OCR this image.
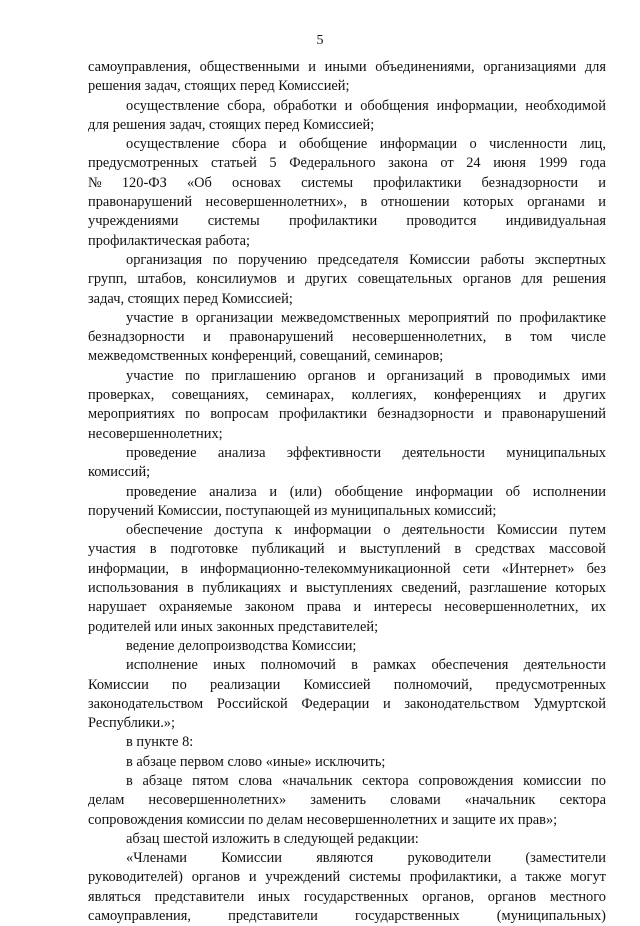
5
самоуправления, общественными и иными объединениями, организациями для
решения задач, стоящих перед Комиссией;
осуществление сбора, обработки и обобщения информации, необходимой
для решения задач, стоящих перед Комиссией;
осуществление сбора и обобщение информации о численности лиц,
предусмотренных статьей 5 Федерального закона от 24 июня 1999 года
№ 120-ФЗ «Об основах системы профилактики безнадзорности и
правонарушений несовершеннолетних», в отношении которых органами и
учреждениями системы профилактики проводится индивидуальная
профилактическая работа;
организация по поручению председателя Комиссии работы экспертных
групп, штабов, консилиумов и других совещательных органов для решения
задач, стоящих перед Комиссией;
участие в организации межведомственных мероприятий по профилактике
безнадзорности и правонарушений несовершеннолетних, в том числе
межведомственных конференций, совещаний, семинаров;
участие по приглашению органов и организаций в проводимых ими
проверках, совещаниях, семинарах, коллегиях, конференциях и других
мероприятиях по вопросам профилактики безнадзорности и правонарушений
несовершеннолетних;
проведение анализа эффективности деятельности муниципальных
комиссий;
проведение анализа и (или) обобщение информации об исполнении
поручений Комиссии, поступающей из муниципальных комиссий;
обеспечение доступа к информации о деятельности Комиссии путем
участия в подготовке публикаций и выступлений в средствах массовой
информации, в информационно-телекоммуникационной сети «Интернет» без
использования в публикациях и выступлениях сведений, разглашение которых
нарушает охраняемые законом права и интересы несовершеннолетних, их
родителей или иных законных представителей;
ведение делопроизводства Комиссии;
исполнение иных полномочий в рамках обеспечения деятельности
Комиссии по реализации Комиссией полномочий, предусмотренных
законодательством Российской Федерации и законодательством Удмуртской
Республики.»;
в пункте 8:
в абзаце первом слово «иные» исключить;
в абзаце пятом слова «начальник сектора сопровождения комиссии по
делам несовершеннолетних» заменить словами «начальник сектора
сопровождения комиссии по делам несовершеннолетних и защите их прав»;
абзац шестой изложить в следующей редакции:
«Членами Комиссии являются руководители (заместители
руководителей) органов и учреждений системы профилактики, а также могут
являться представители иных государственных органов, органов местного
самоуправления,	представители	государственных	(муниципальных)
